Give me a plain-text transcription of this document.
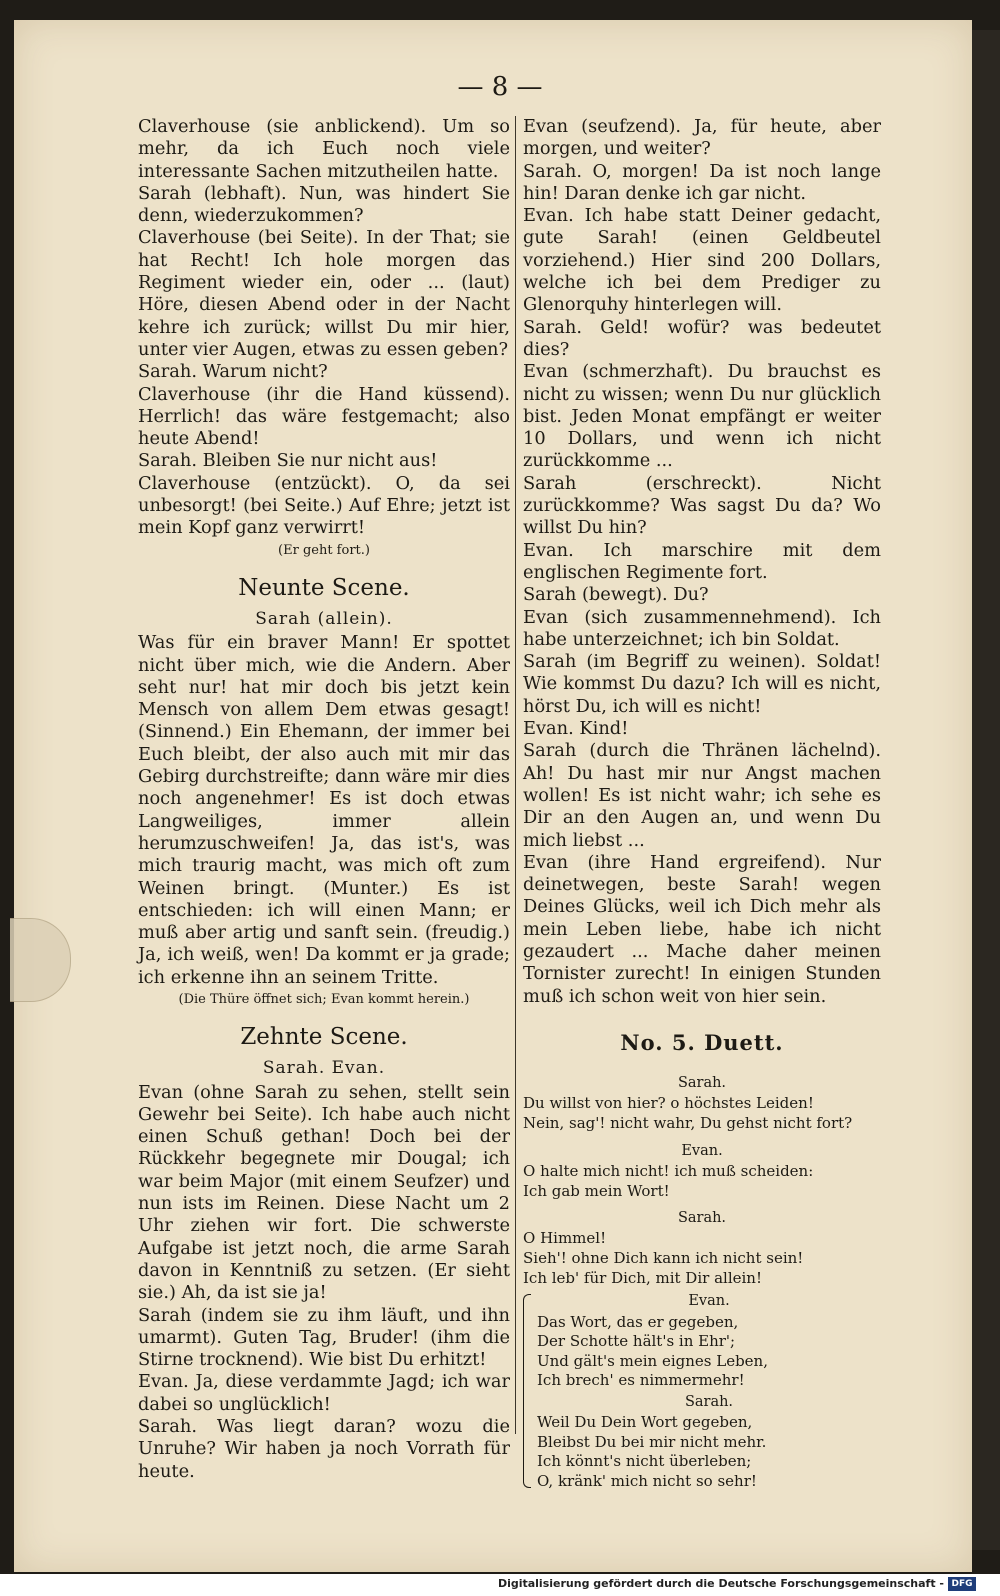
— 8 —

Claverhouse (sie anblickend). Um so mehr, da ich Euch noch viele interessante Sachen mitzutheilen hatte.

Sarah (lebhaft). Nun, was hindert Sie denn, wiederzukommen?

Claverhouse (bei Seite). In der That; sie hat Recht! Ich hole morgen das Regiment wieder ein, oder ... (laut) Höre, diesen Abend oder in der Nacht kehre ich zurück; willst Du mir hier, unter vier Augen, etwas zu essen geben?

Sarah. Warum nicht?

Claverhouse (ihr die Hand küssend). Herrlich! das wäre festgemacht; also heute Abend!

Sarah. Bleiben Sie nur nicht aus!

Claverhouse (entzückt). O, da sei unbesorgt! (bei Seite.) Auf Ehre; jetzt ist mein Kopf ganz verwirrt!

(Er geht fort.)
Neunte Scene.
Sarah (allein).

Was für ein braver Mann! Er spottet nicht über mich, wie die Andern. Aber seht nur! hat mir doch bis jetzt kein Mensch von allem Dem etwas gesagt! (Sinnend.) Ein Ehemann, der immer bei Euch bleibt, der also auch mit mir das Gebirg durchstreifte; dann wäre mir dies noch angenehmer! Es ist doch etwas Langweiliges, immer allein herumzuschweifen! Ja, das ist's, was mich traurig macht, was mich oft zum Weinen bringt. (Munter.) Es ist entschieden: ich will einen Mann; er muß aber artig und sanft sein. (freudig.) Ja, ich weiß, wen! Da kommt er ja grade; ich erkenne ihn an seinem Tritte.

(Die Thüre öffnet sich; Evan kommt herein.)
Zehnte Scene.
Sarah. Evan.

Evan (ohne Sarah zu sehen, stellt sein Gewehr bei Seite). Ich habe auch nicht einen Schuß gethan! Doch bei der Rückkehr begegnete mir Dougal; ich war beim Major (mit einem Seufzer) und nun ists im Reinen. Diese Nacht um 2 Uhr ziehen wir fort. Die schwerste Aufgabe ist jetzt noch, die arme Sarah davon in Kenntniß zu setzen. (Er sieht sie.) Ah, da ist sie ja!

Sarah (indem sie zu ihm läuft, und ihn umarmt). Guten Tag, Bruder! (ihm die Stirne trocknend). Wie bist Du erhitzt!

Evan. Ja, diese verdammte Jagd; ich war dabei so unglücklich!

Sarah. Was liegt daran? wozu die Unruhe? Wir haben ja noch Vorrath für heute.

Evan (seufzend). Ja, für heute, aber morgen, und weiter?

Sarah. O, morgen! Da ist noch lange hin! Daran denke ich gar nicht.

Evan. Ich habe statt Deiner gedacht, gute Sarah! (einen Geldbeutel vorziehend.) Hier sind 200 Dollars, welche ich bei dem Prediger zu Glenorquhy hinterlegen will.

Sarah. Geld! wofür? was bedeutet dies?

Evan (schmerzhaft). Du brauchst es nicht zu wissen; wenn Du nur glücklich bist. Jeden Monat empfängt er weiter 10 Dollars, und wenn ich nicht zurückkomme ...

Sarah (erschreckt). Nicht zurückkomme? Was sagst Du da? Wo willst Du hin?

Evan. Ich marschire mit dem englischen Regimente fort.

Sarah (bewegt). Du?

Evan (sich zusammennehmend). Ich habe unterzeichnet; ich bin Soldat.

Sarah (im Begriff zu weinen). Soldat! Wie kommst Du dazu? Ich will es nicht, hörst Du, ich will es nicht!

Evan. Kind!

Sarah (durch die Thränen lächelnd). Ah! Du hast mir nur Angst machen wollen! Es ist nicht wahr; ich sehe es Dir an den Augen an, und wenn Du mich liebst ...

Evan (ihre Hand ergreifend). Nur deinetwegen, beste Sarah! wegen Deines Glücks, weil ich Dich mehr als mein Leben liebe, habe ich nicht gezaudert ... Mache daher meinen Tornister zurecht! In einigen Stunden muß ich schon weit von hier sein.

No. 5. Duett.
Sarah.
Du willst von hier? o höchstes Leiden!
Nein, sag'! nicht wahr, Du gehst nicht fort?
Evan.
O halte mich nicht! ich muß scheiden:
Ich gab mein Wort!
Sarah.
O Himmel!
Sieh'! ohne Dich kann ich nicht sein!
Ich leb' für Dich, mit Dir allein!
Evan.
Das Wort, das er gegeben,
Der Schotte hält's in Ehr';
Und gält's mein eignes Leben,
Ich brech' es nimmermehr!
Sarah.
Weil Du Dein Wort gegeben,
Bleibst Du bei mir nicht mehr.
Ich könnt's nicht überleben;
O, kränk' mich nicht so sehr!
Digitalisierung gefördert durch die Deutsche Forschungsgemeinschaft - DFG
